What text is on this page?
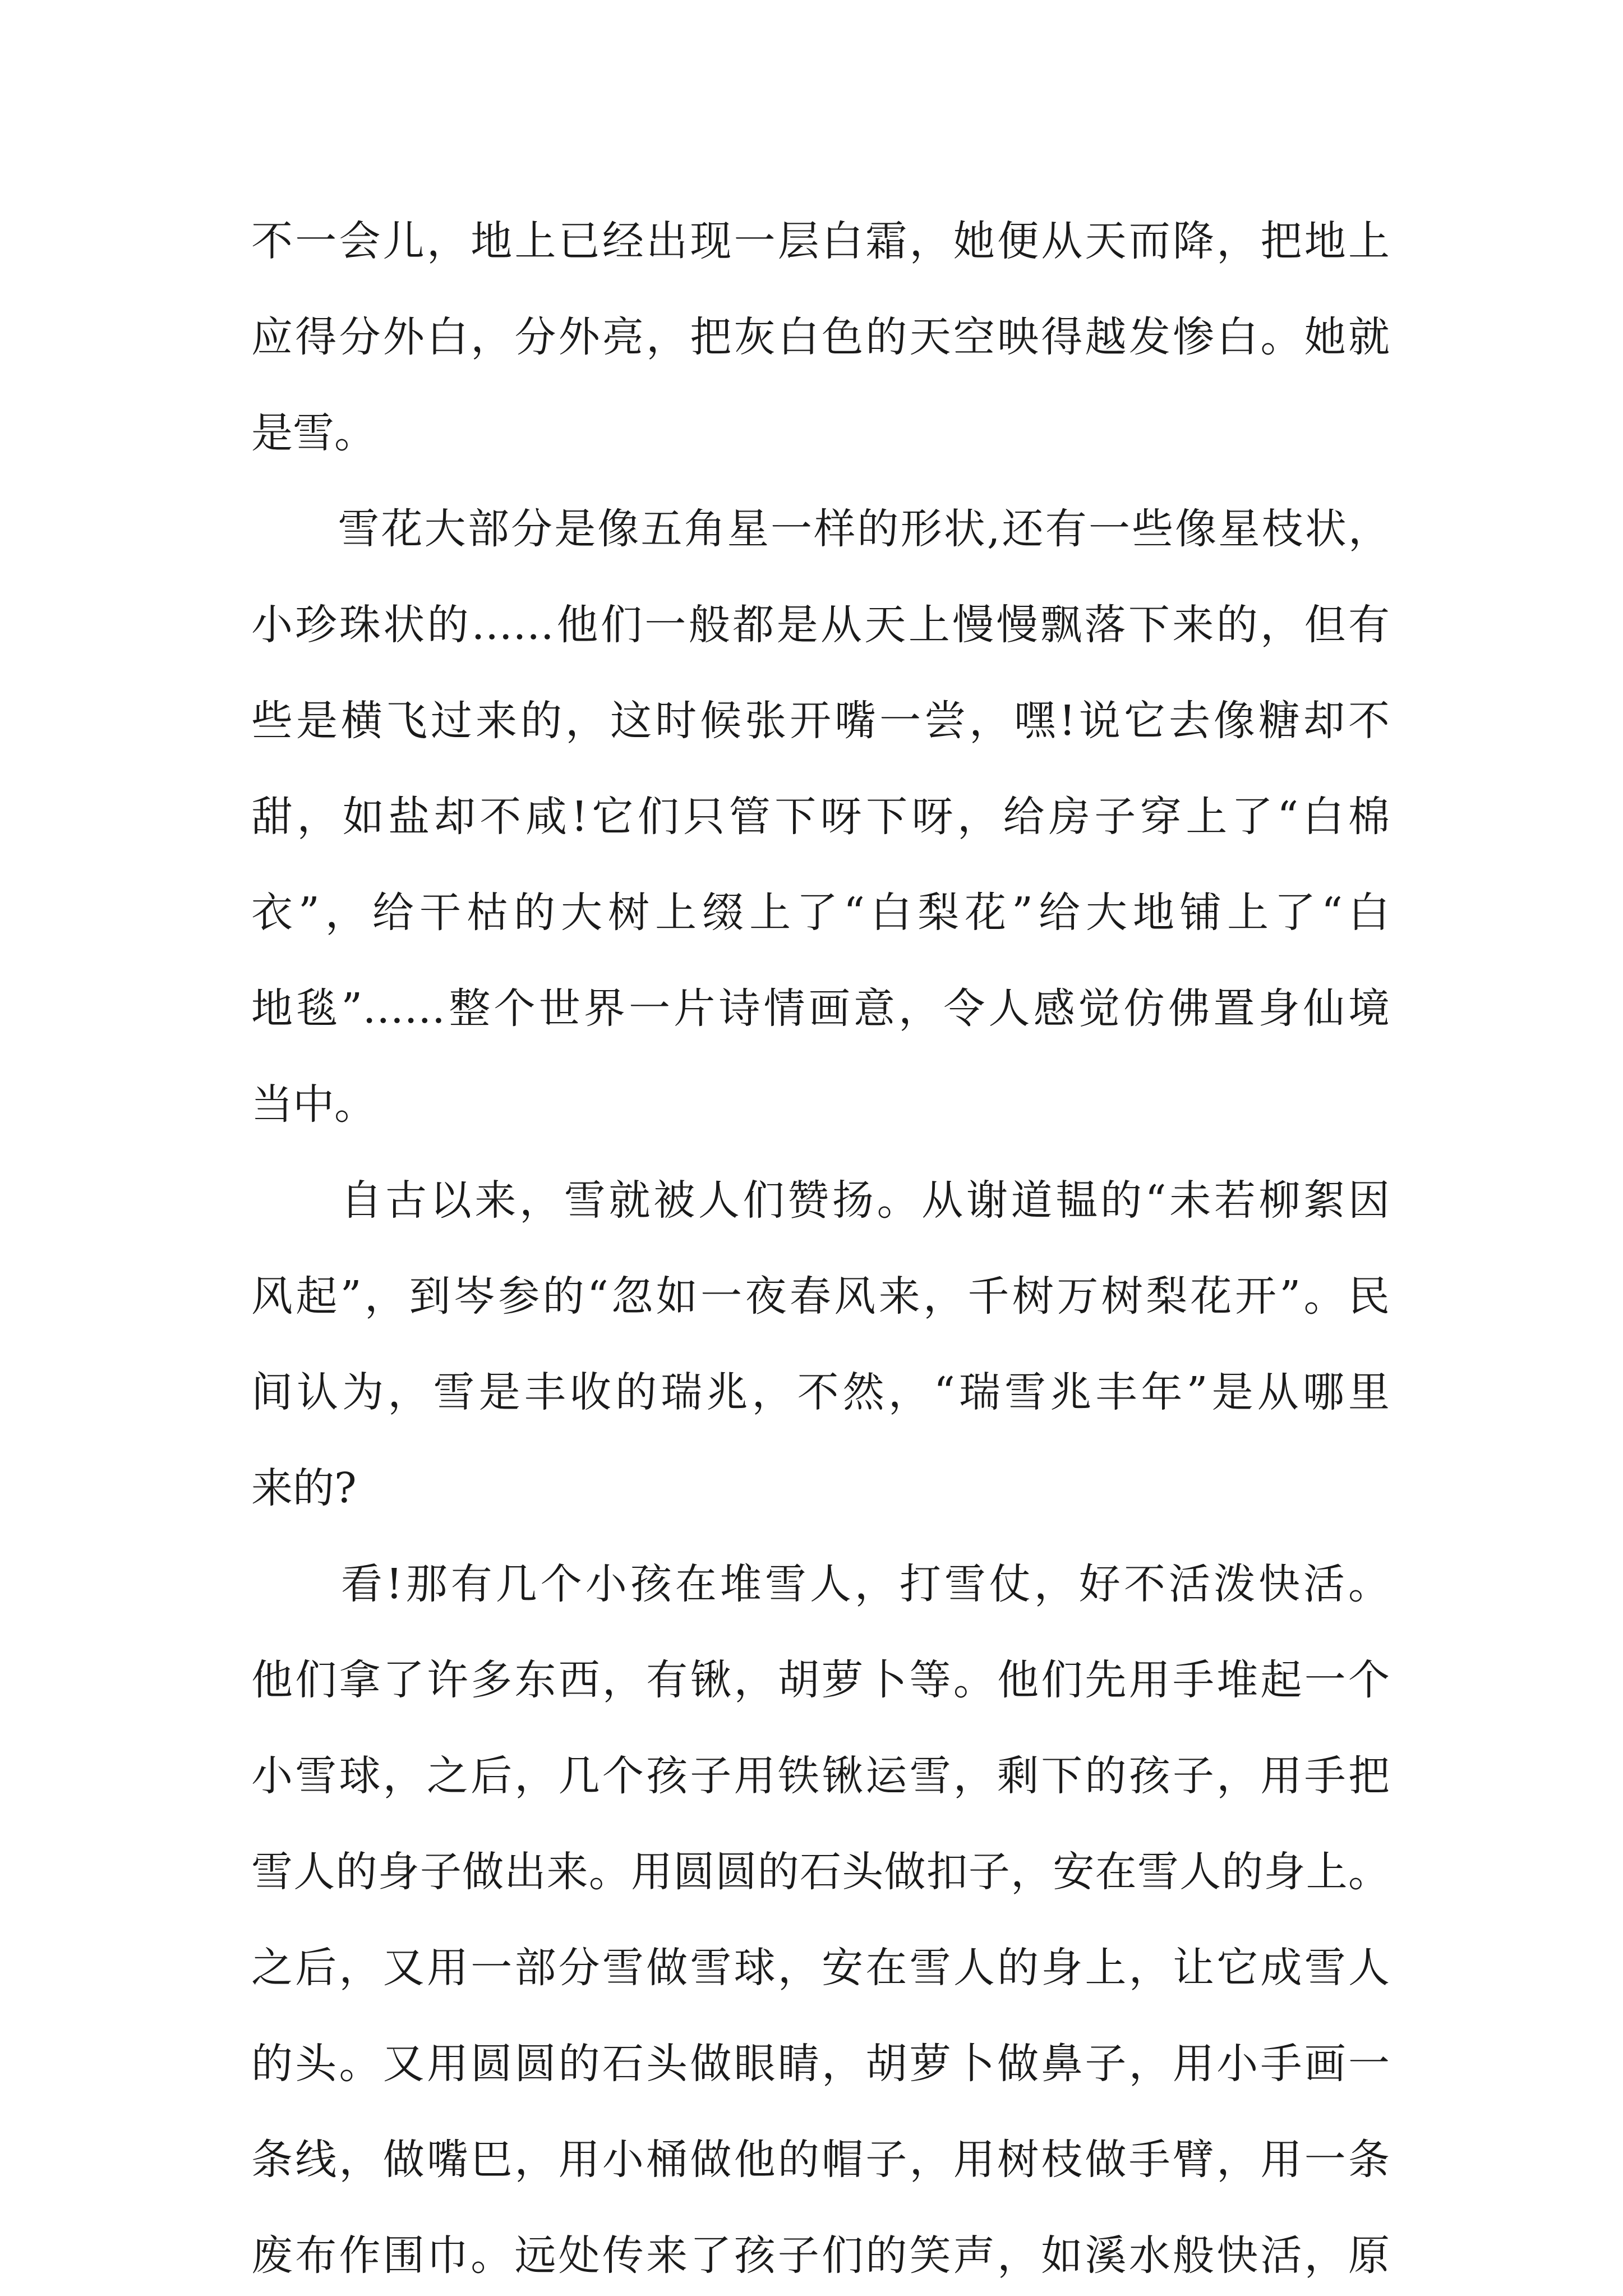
不一会儿，地上已经出现一层白霜，她便从天而降，把地上
应得分外白，分外亮，把灰白色的天空映得越发惨白。她就
是雪。
　　雪花大部分是像五角星一样的形状,还有一些像星枝状，
小珍珠状的……他们一般都是从天上慢慢飘落下来的，但有
些是横飞过来的，这时候张开嘴一尝，嘿!说它去像糖却不
甜，如盐却不咸!它们只管下呀下呀，给房子穿上了“白棉
衣”，给干枯的大树上缀上了“白梨花”给大地铺上了“白
地毯”……整个世界一片诗情画意，令人感觉仿佛置身仙境
当中。
　　自古以来，雪就被人们赞扬。从谢道韫的“未若柳絮因
风起”，到岑参的“忽如一夜春风来，千树万树梨花开”。民
间认为，雪是丰收的瑞兆，不然，“瑞雪兆丰年”是从哪里
来的?
　　看!那有几个小孩在堆雪人，打雪仗，好不活泼快活。
他们拿了许多东西，有锹，胡萝卜等。他们先用手堆起一个
小雪球，之后，几个孩子用铁锹运雪，剩下的孩子，用手把
雪人的身子做出来。用圆圆的石头做扣子，安在雪人的身上。
之后，又用一部分雪做雪球，安在雪人的身上，让它成雪人
的头。又用圆圆的石头做眼睛，胡萝卜做鼻子，用小手画一
条线，做嘴巴，用小桶做他的帽子，用树枝做手臂，用一条
废布作围巾。远处传来了孩子们的笑声，如溪水般快活，原
